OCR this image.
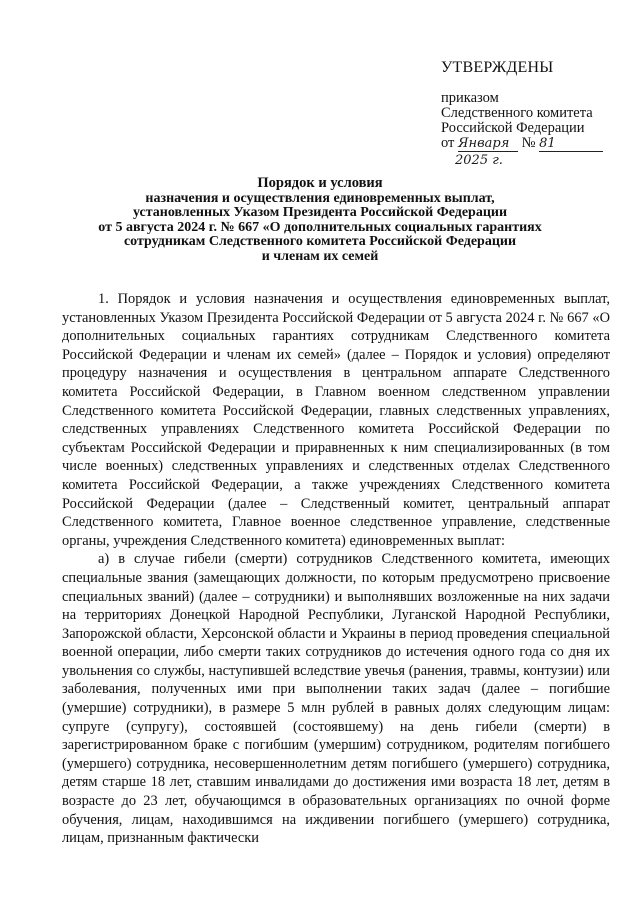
УТВЕРЖДЕНЫ
приказом
Следственного комитета
Российской Федерации
от Января № 81
2025 г.
Порядок и условия
назначения и осуществления единовременных выплат,
установленных Указом Президента Российской Федерации
от 5 августа 2024 г. № 667 «О дополнительных социальных гарантиях
сотрудникам Следственного комитета Российской Федерации
и членам их семей

1. Порядок и условия назначения и осуществления единовременных выплат, установленных Указом Президента Российской Федерации от 5 августа 2024 г. № 667 «О дополнительных социальных гарантиях сотрудникам Следственного комитета Российской Федерации и членам их семей» (далее – Порядок и условия) определяют процедуру назначения и осуществления в центральном аппарате Следственного комитета Российской Федерации, в Главном военном следственном управлении Следственного комитета Российской Федерации, главных следственных управлениях, следственных управлениях Следственного комитета Российской Федерации по субъектам Российской Федерации и приравненных к ним специализированных (в том числе военных) следственных управлениях и следственных отделах Следственного комитета Российской Федерации, а также учреждениях Следственного комитета Российской Федерации (далее – Следственный комитет, центральный аппарат Следственного комитета, Главное военное следственное управление, следственные органы, учреждения Следственного комитета) единовременных выплат:

а) в случае гибели (смерти) сотрудников Следственного комитета, имеющих специальные звания (замещающих должности, по которым предусмотрено присвоение специальных званий) (далее – сотрудники) и выполнявших возложенные на них задачи на территориях Донецкой Народной Республики, Луганской Народной Республики, Запорожской области, Херсонской области и Украины в период проведения специальной военной операции, либо смерти таких сотрудников до истечения одного года со дня их увольнения со службы, наступившей вследствие увечья (ранения, травмы, контузии) или заболевания, полученных ими при выполнении таких задач (далее – погибшие (умершие) сотрудники), в размере 5 млн рублей в равных долях следующим лицам: супруге (супругу), состоявшей (состоявшему) на день гибели (смерти) в зарегистрированном браке с погибшим (умершим) сотрудником, родителям погибшего (умершего) сотрудника, несовершеннолетним детям погибшего (умершего) сотрудника, детям старше 18 лет, ставшим инвалидами до достижения ими возраста 18 лет, детям в возрасте до 23 лет, обучающимся в образовательных организациях по очной форме обучения, лицам, находившимся на иждивении погибшего (умершего) сотрудника, лицам, признанным фактически
